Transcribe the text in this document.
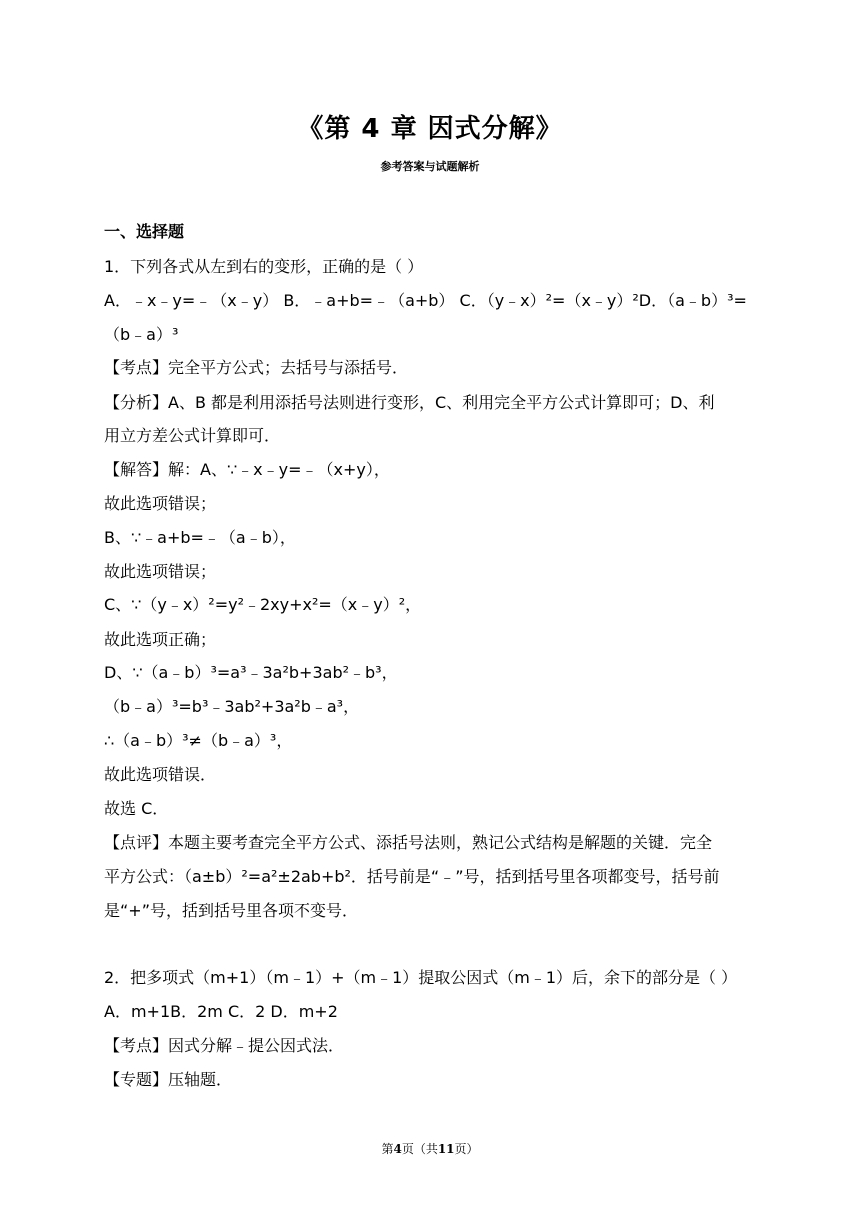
《第 4 章 因式分解》
参考答案与试题解析
一、选择题
1．下列各式从左到右的变形，正确的是（ ）
A．﹣x﹣y=﹣（x﹣y） B．﹣a+b=﹣（a+b） C．（y﹣x）²=（x﹣y）²D．（a﹣b）³=
（b﹣a）³
【考点】完全平方公式；去括号与添括号．
【分析】A、B 都是利用添括号法则进行变形，C、利用完全平方公式计算即可；D、利
用立方差公式计算即可．
【解答】解：A、∵﹣x﹣y=﹣（x+y），
故此选项错误；
B、∵﹣a+b=﹣（a﹣b），
故此选项错误；
C、∵（y﹣x）²=y²﹣2xy+x²=（x﹣y）²，
故此选项正确；
D、∵（a﹣b）³=a³﹣3a²b+3ab²﹣b³，
（b﹣a）³=b³﹣3ab²+3a²b﹣a³，
∴（a﹣b）³≠（b﹣a）³，
故此选项错误．
故选 C．
【点评】本题主要考查完全平方公式、添括号法则，熟记公式结构是解题的关键．完全
平方公式：（a±b）²=a²±2ab+b²．括号前是“﹣”号，括到括号里各项都变号，括号前
是“+”号，括到括号里各项不变号．
2．把多项式（m+1）（m﹣1）+（m﹣1）提取公因式（m﹣1）后，余下的部分是（ ）
A．m+1B．2m C．2 D．m+2
【考点】因式分解﹣提公因式法．
【专题】压轴题．
第4页（共11页）
